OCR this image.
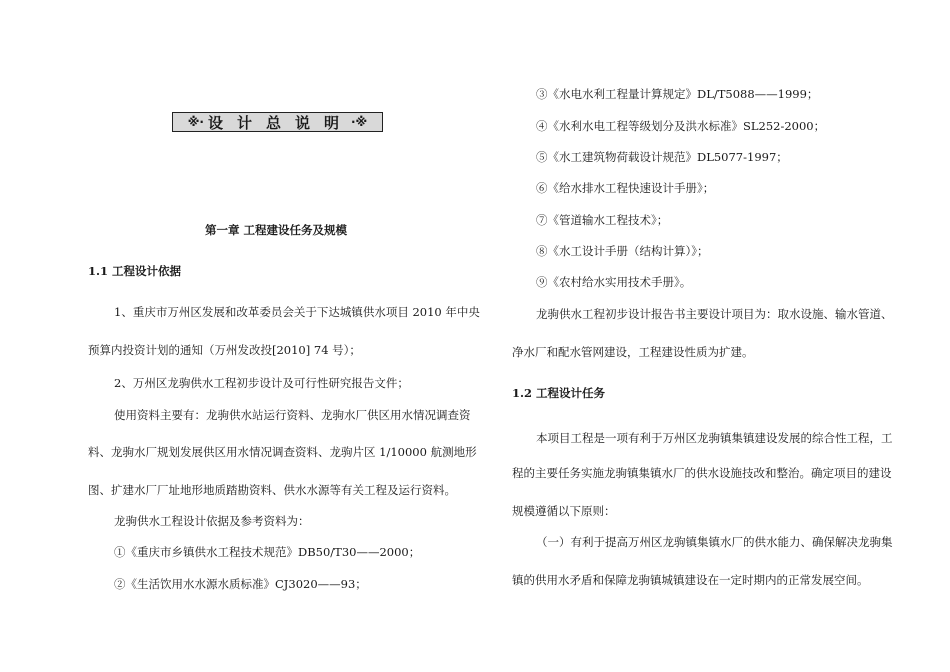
※· 设计总说明
·※
第一章 工程建设任务及规模
1.1 工程设计依据
1、重庆市万州区发展和改革委员会关于下达城镇供水项目 2010 年中央
预算内投资计划的通知（万州发改投[2010] 74 号）；
2、万州区龙驹供水工程初步设计及可行性研究报告文件；
使用资料主要有：龙驹供水站运行资料、龙驹水厂供区用水情况调查资
料、龙驹水厂规划发展供区用水情况调查资料、龙驹片区 1/10000 航测地形
图、扩建水厂厂址地形地质踏勘资料、供水水源等有关工程及运行资料。
龙驹供水工程设计依据及参考资料为：
①《重庆市乡镇供水工程技术规范》DB50/T30——2000；
②《生活饮用水水源水质标准》CJ3020——93；
③《水电水利工程量计算规定》DL/T5088——1999；
④《水利水电工程等级划分及洪水标准》SL252-2000；
⑤《水工建筑物荷载设计规范》DL5077-1997；
⑥《给水排水工程快速设计手册》；
⑦《管道输水工程技术》；
⑧《水工设计手册（结构计算）》；
⑨《农村给水实用技术手册》。
龙驹供水工程初步设计报告书主要设计项目为：取水设施、输水管道、
净水厂和配水管网建设，工程建设性质为扩建。
1.2 工程设计任务
本项目工程是一项有利于万州区龙驹镇集镇建设发展的综合性工程，工
程的主要任务实施龙驹镇集镇水厂的供水设施技改和整治。确定项目的建设
规模遵循以下原则：
（一）有利于提高万州区龙驹镇集镇水厂的供水能力、确保解决龙驹集
镇的供用水矛盾和保障龙驹镇城镇建设在一定时期内的正常发展空间。
